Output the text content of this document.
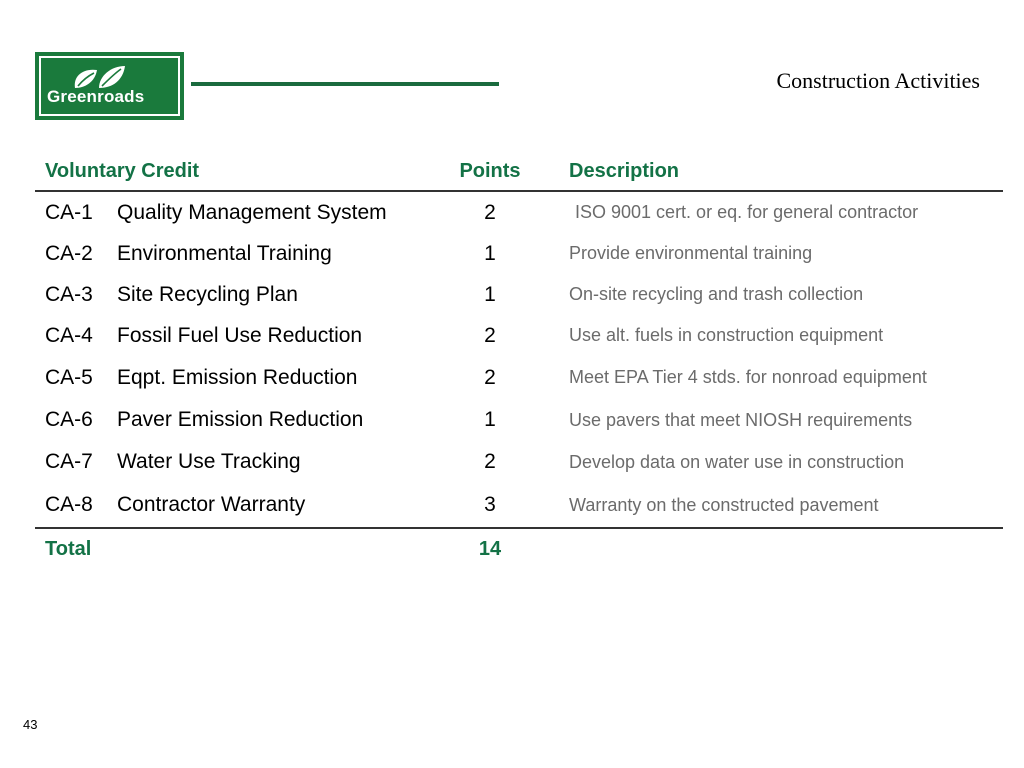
Greenroads
Construction Activities
Voluntary Credit	Points Description
CA-1 Quality Management System	2	ISO 9001 cert. or eq. for general contractor
CA-2 Environmental Training	1	Provide environmental training
CA-3 Site Recycling Plan	1	On-site recycling and trash collection
CA-4 Fossil Fuel Use Reduction	2	Use alt. fuels in construction equipment
CA-5 Eqpt. Emission Reduction	2	Meet EPA Tier 4 stds. for nonroad equipment
CA-6 Paver Emission Reduction	1	Use pavers that meet NIOSH requirements
CA-7 Water Use Tracking	2	Develop data on water use in construction
CA-8 Contractor Warranty	3	Warranty on the constructed pavement
Total	14
43
